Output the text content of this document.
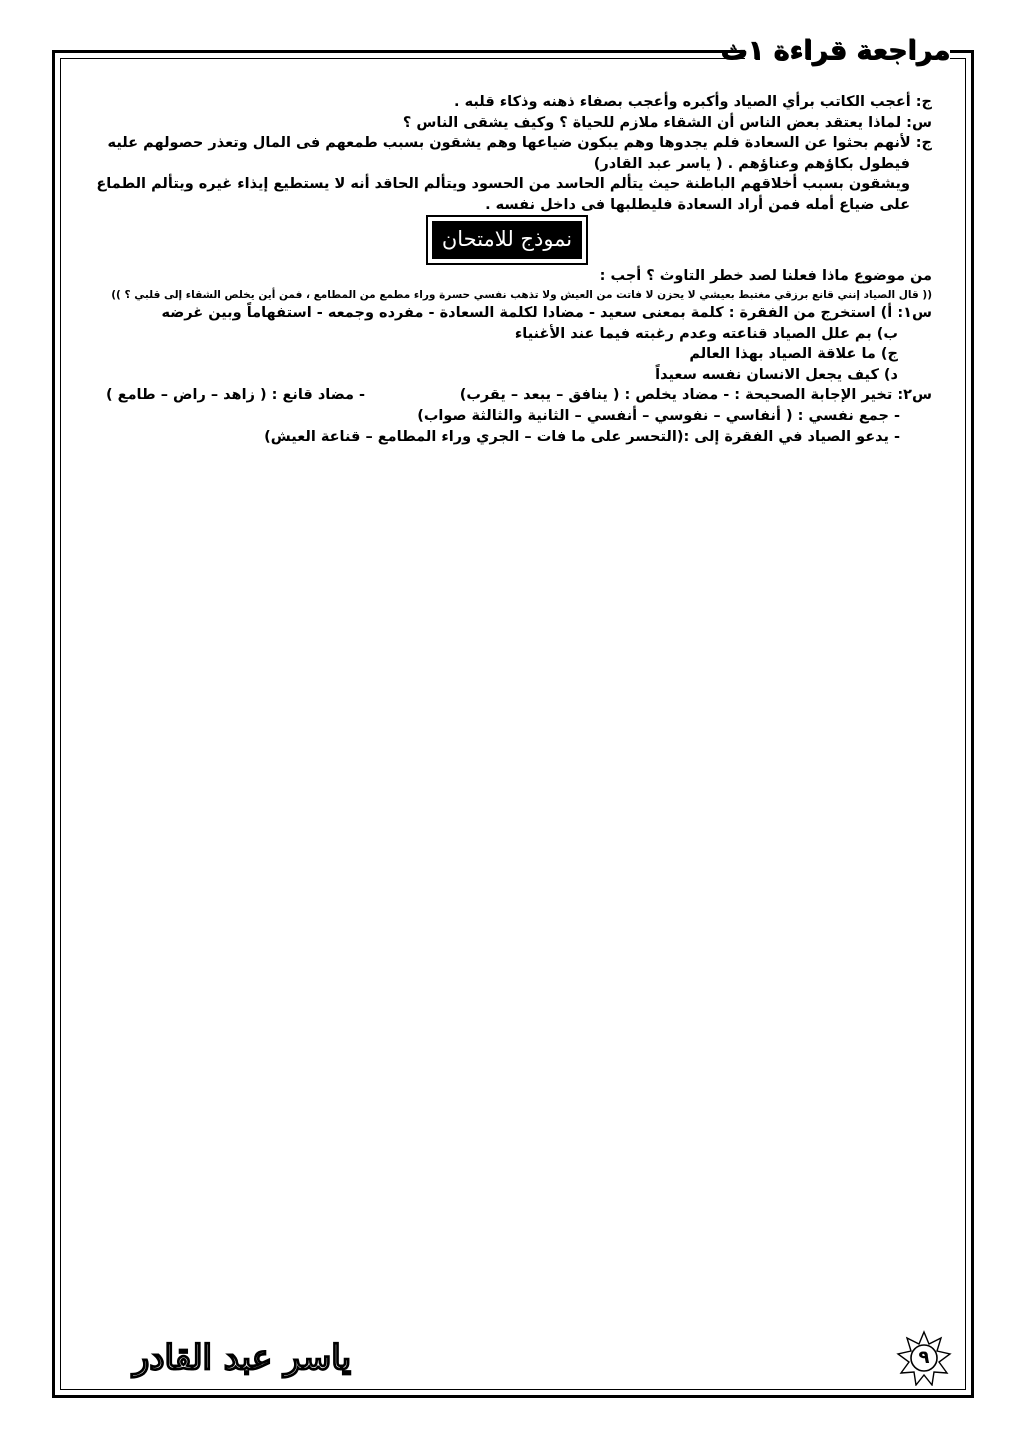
مراجعة قراءة ١ث

ج: أعجب الكاتب برأي الصياد وأكبره وأعجب بصفاء ذهنه وذكاء قلبه .

س: لماذا يعتقد بعض الناس أن الشقاء ملازم للحياة ؟ وكيف يشقى الناس ؟

ج: لأنهم بحثوا عن السعادة فلم يجدوها وهم يبكون ضياعها وهم يشقون بسبب طمعهم فى المال وتعذر حصولهم عليه

فيطول بكاؤهم وعناؤهم . ( ياسر عبد القادر)

ويشقون بسبب أخلاقهم الباطنة حيث يتألم الحاسد من الحسود ويتألم الحاقد أنه لا يستطيع إيذاء غيره ويتألم الطماع

على ضياع أمله فمن أراد السعادة فليطلبها فى داخل نفسه .

نموذج للامتحان

من موضوع ماذا فعلنا لصد خطر التاوث ؟ أجب :

(( قال الصياد إنني قانع برزقي مغتبط بعيشي لا يحزن لا فاتت من العيش ولا تذهب نفسي حسرة وراء مطمع من المطامع ، فمن أين يخلص الشقاء إلى قلبي ؟ ))

س١: أ) استخرج من الفقرة : كلمة بمعنى سعيد - مضادا لكلمة السعادة - مفرده وجمعه - استفهاماً وبين غرضه

ب) بم علل الصياد قناعته وعدم رغبته فيما عند الأغنياء

ج) ما علاقة الصياد بهذا العالم

د) كيف يجعل الانسان نفسه سعيداً

س٢: تخير الإجابة الصحيحة : - مضاد يخلص : ( ينافق – يبعد – يقرب)
- مضاد قانع : ( زاهد – راض – طامع )

- جمع نفسي : ( أنفاسي – نفوسي – أنفسي – الثانية والثالثة صواب)

- يدعو الصياد في الفقرة إلى :(التحسر على ما فات – الجري وراء المطامع – قناعة العيش)

ياسر عبد القادر	٩
